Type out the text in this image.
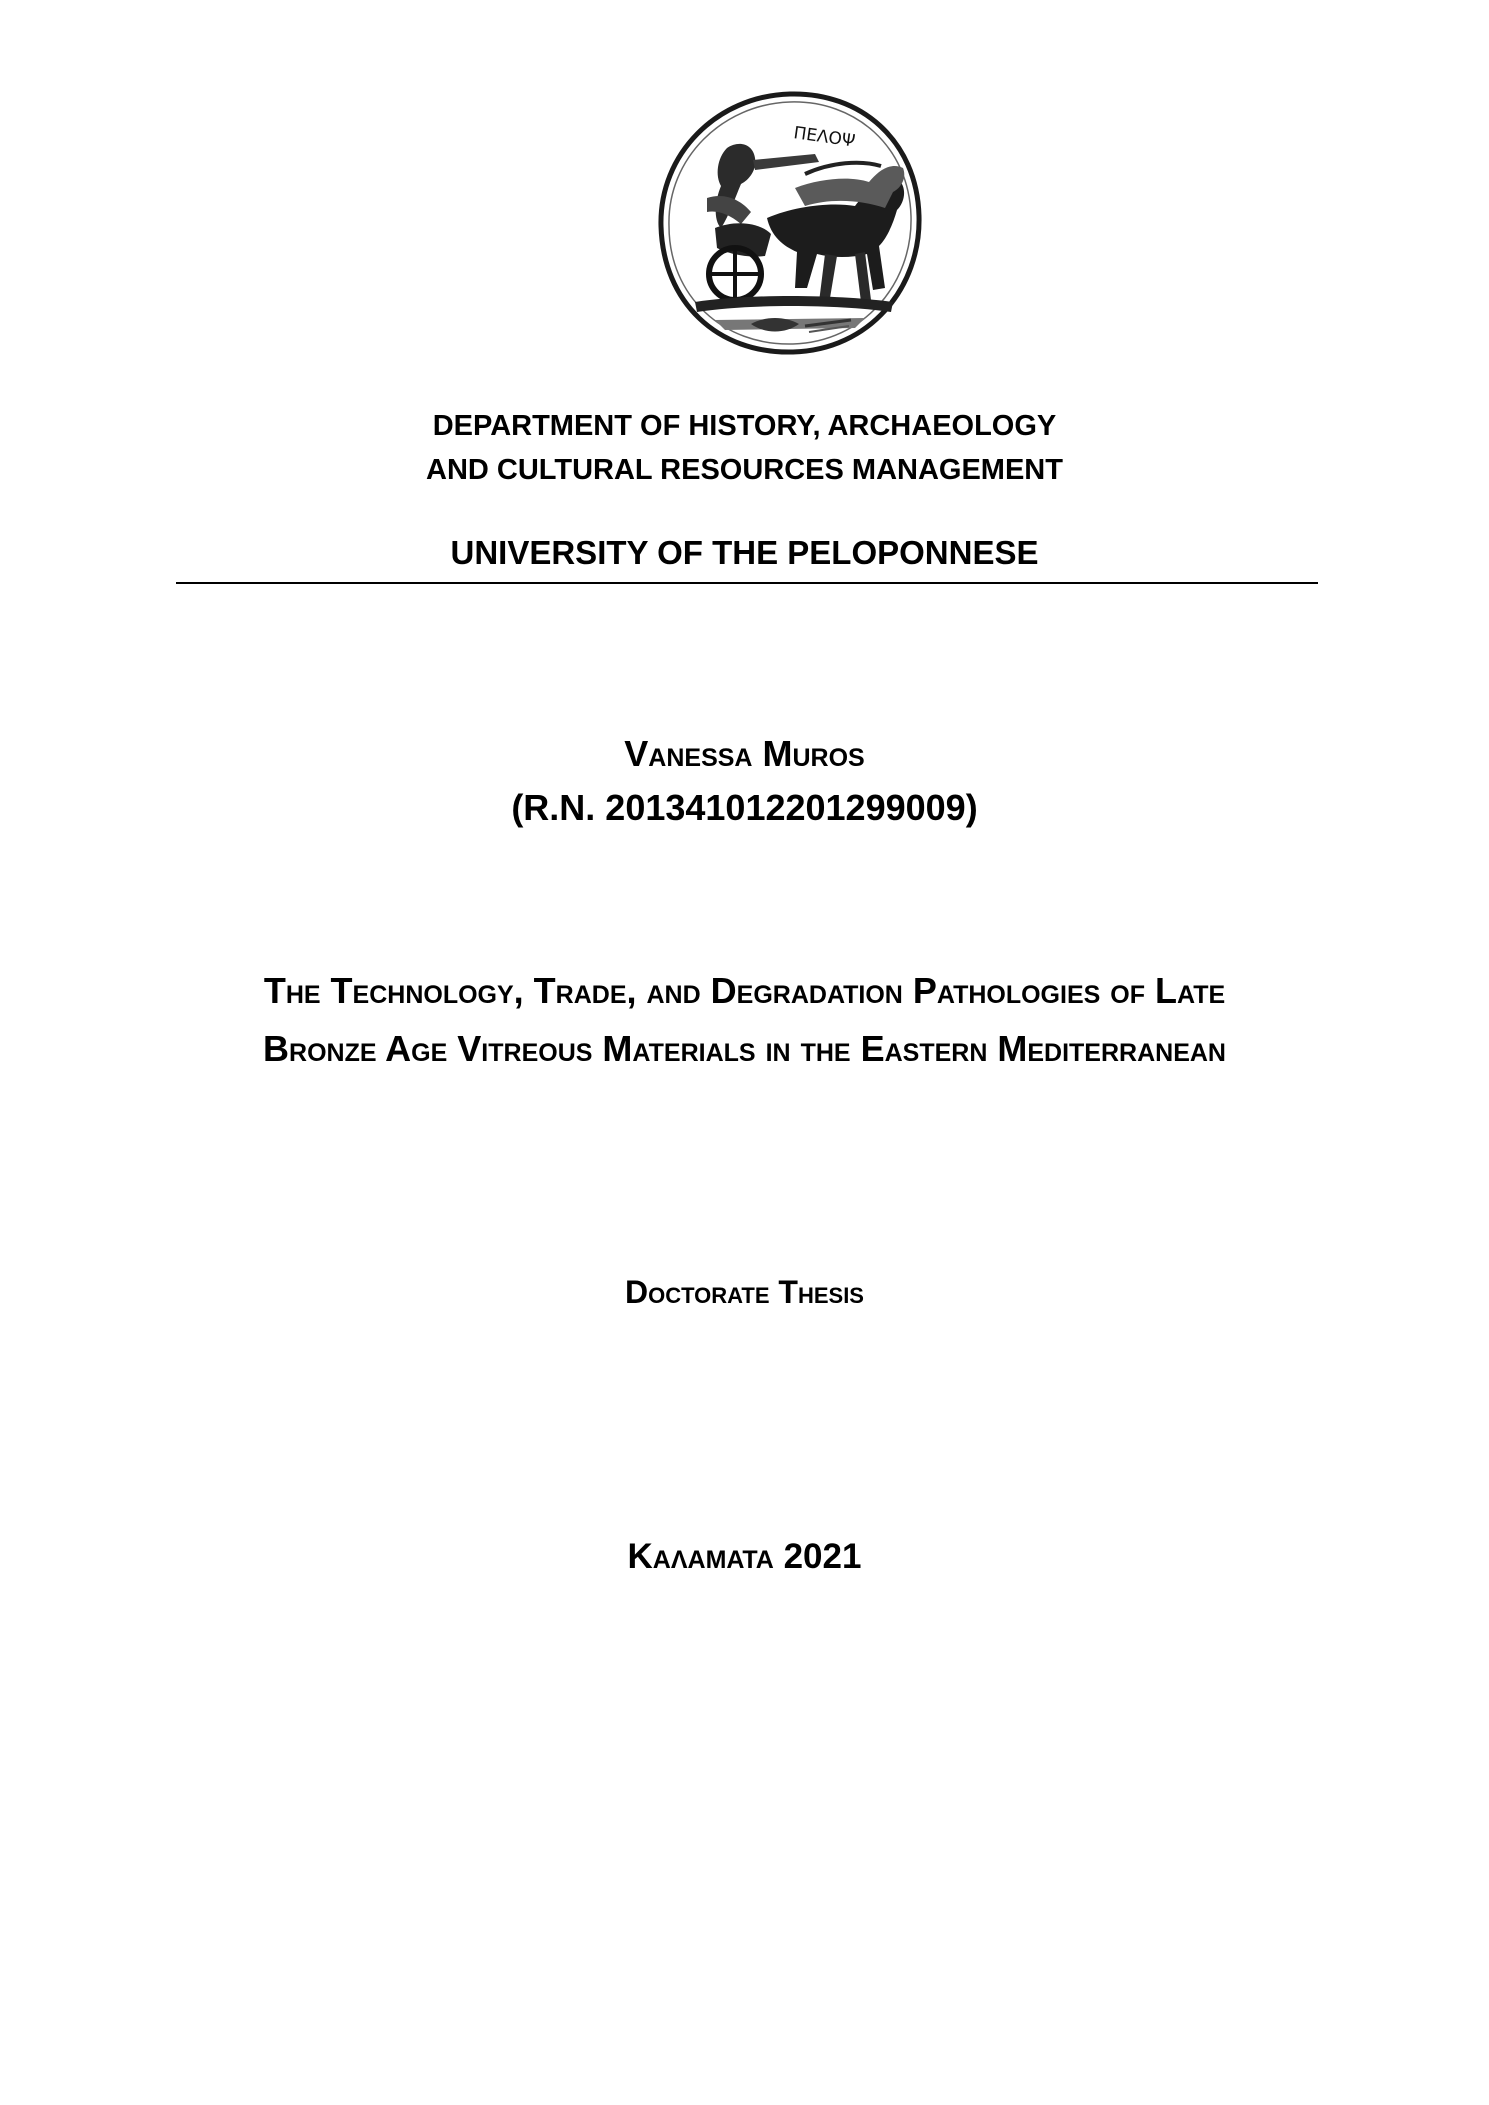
ΠΕΛΟΨ
DEPARTMENT OF HISTORY, ARCHAEOLOGY
AND CULTURAL RESOURCES MANAGEMENT
UNIVERSITY OF THE PELOPONNESE
Vanessa Muros
(R.N. 201341012201299009)
The Technology, Trade, and Degradation Pathologies of Late
Bronze Age Vitreous Materials in the Eastern Mediterranean
Doctorate Thesis
Καλαματα 2021
